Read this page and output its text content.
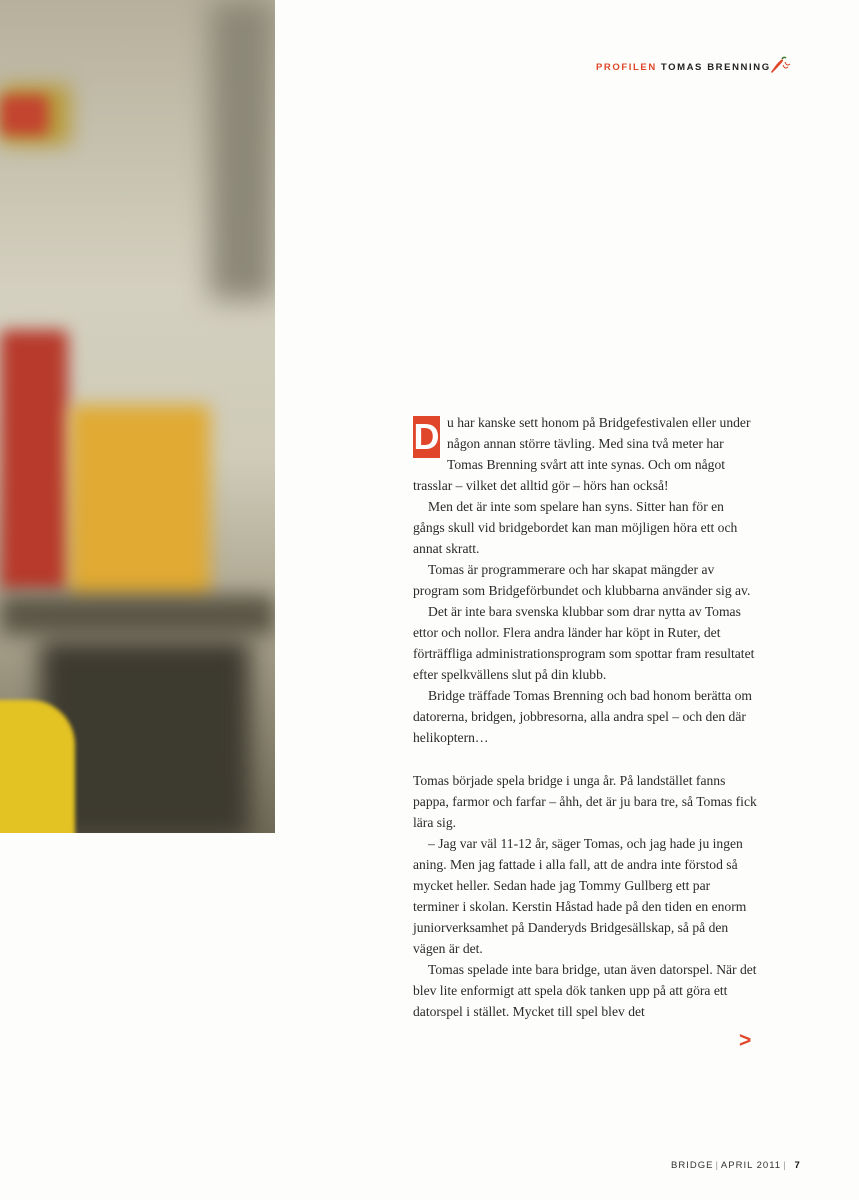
PROFILEN TOMAS BRENNING

D u har kanske sett honom på Bridgefestivalen eller under någon annan större tävling. Med sina två meter har Tomas Brenning svårt att inte synas. Och om något trasslar – vilket det alltid gör – hörs han också!

Men det är inte som spelare han syns. Sitter han för en gångs skull vid bridgebordet kan man möjligen höra ett och annat skratt.

Tomas är programmerare och har skapat mängder av program som Bridgeförbundet och klubbarna använder sig av.

Det är inte bara svenska klubbar som drar nytta av Tomas ettor och nollor. Flera andra länder har köpt in Ruter, det förträffliga administrationsprogram som spottar fram resultatet efter spelkvällens slut på din klubb.

Bridge träffade Tomas Brenning och bad honom berätta om datorerna, bridgen, jobbresorna, alla andra spel – och den där helikoptern…

Tomas började spela bridge i unga år. På landstället fanns pappa, farmor och farfar – åhh, det är ju bara tre, så Tomas fick lära sig.

– Jag var väl 11-12 år, säger Tomas, och jag hade ju ingen aning. Men jag fattade i alla fall, att de andra inte förstod så mycket heller. Sedan hade jag Tommy Gullberg ett par terminer i skolan. Kerstin Håstad hade på den tiden en enorm juniorverksamhet på Danderyds Bridgesällskap, så på den vägen är det.

Tomas spelade inte bara bridge, utan även datorspel. När det blev lite enformigt att spela dök tanken upp på att göra ett datorspel i stället. Mycket till spel blev det

>
BRIDGE | APRIL 2011 | 7
